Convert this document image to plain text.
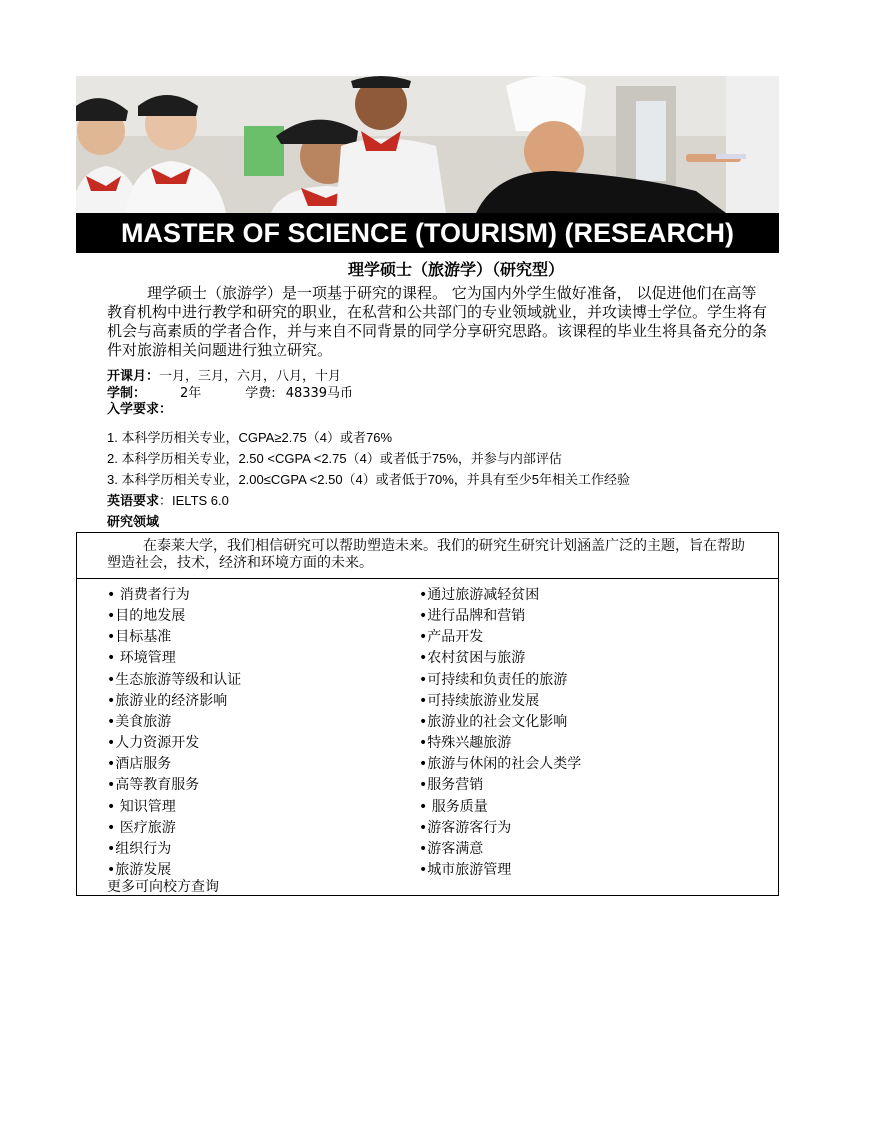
MASTER OF SCIENCE (TOURISM) (RESEARCH)
理学硕士（旅游学）（研究型）
理学硕士（旅游学）是一项基于研究的课程。 它为国内外学生做好准备， 以促进他们在高等教育机构中进行教学和研究的职业，在私营和公共部门的专业领域就业，并攻读博士学位。学生将有机会与高素质的学者合作，并与来自不同背景的同学分享研究思路。该课程的毕业生将具备充分的条件对旅游相关问题进行独立研究。
开课月：一月，三月，六月，八月，十月
学制：	2年	学费: 48339马币
入学要求：
1. 本科学历相关专业，CGPA≥2.75（4）或者76%
2. 本科学历相关专业，2.50 <CGPA <2.75（4）或者低于75%，并参与内部评估
3. 本科学历相关专业，2.00≤CGPA <2.50（4）或者低于70%，并具有至少5年相关工作经验
英语要求：IELTS 6.0
研究领域

在泰莱大学，我们相信研究可以帮助塑造未来。我们的研究生研究计划涵盖广泛的主题，旨在帮助塑造社会，技术，经济和环境方面的未来。

• 消费者行为
•目的地发展
•目标基准
• 环境管理
•生态旅游等级和认证
•旅游业的经济影响
•美食旅游
•人力资源开发
•酒店服务
•高等教育服务
• 知识管理
• 医疗旅游
•组织行为
•旅游发展
•通过旅游减轻贫困
•进行品牌和营销
•产品开发
•农村贫困与旅游
•可持续和负责任的旅游
•可持续旅游业发展
•旅游业的社会文化影响
•特殊兴趣旅游
•旅游与休闲的社会人类学
•服务营销
• 服务质量
•游客游客行为
•游客满意
•城市旅游管理
更多可向校方查询
